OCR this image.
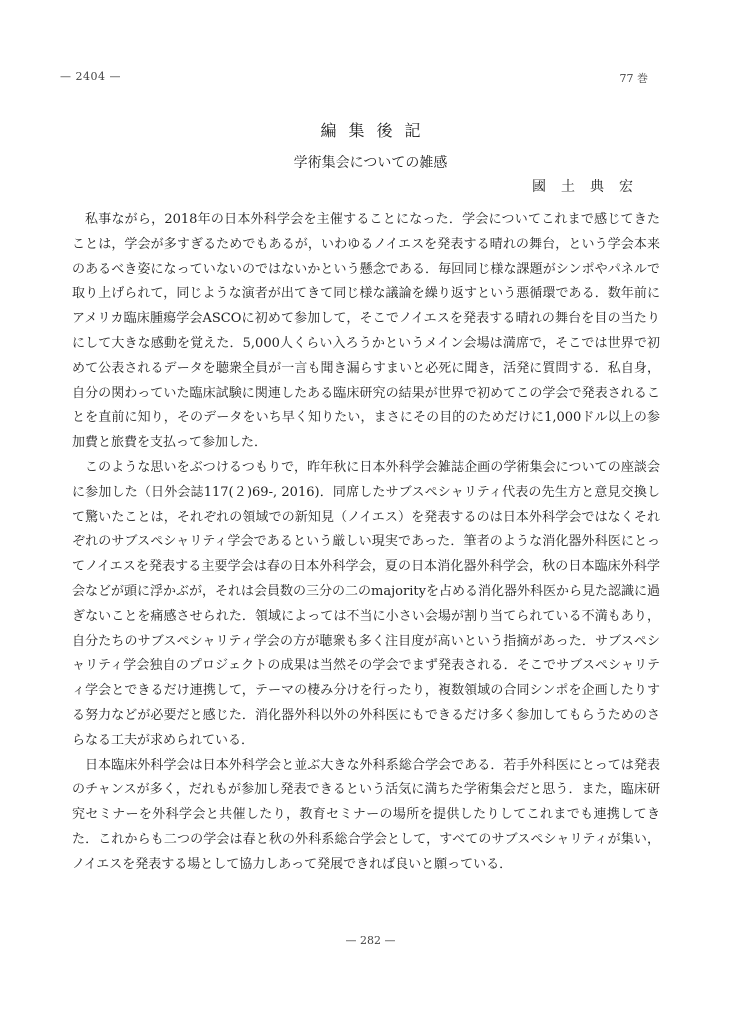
— 2404 —	77 巻
編集後記
学術集会についての雑感
國土典宏

私事ながら，2018年の日本外科学会を主催することになった．学会についてこれまで感じてきたことは，学会が多すぎるためでもあるが，いわゆるノイエスを発表する晴れの舞台，という学会本来のあるべき姿になっていないのではないかという懸念である．毎回同じ様な課題がシンポやパネルで取り上げられて，同じような演者が出てきて同じ様な議論を繰り返すという悪循環である．数年前にアメリカ臨床腫瘍学会ASCOに初めて参加して，そこでノイエスを発表する晴れの舞台を目の当たりにして大きな感動を覚えた．5,000人くらい入ろうかというメイン会場は満席で，そこでは世界で初めて公表されるデータを聴衆全員が一言も聞き漏らすまいと必死に聞き，活発に質問する．私自身，自分の関わっていた臨床試験に関連したある臨床研究の結果が世界で初めてこの学会で発表されることを直前に知り，そのデータをいち早く知りたい，まさにその目的のためだけに1,000ドル以上の参加費と旅費を支払って参加した．

このような思いをぶつけるつもりで，昨年秋に日本外科学会雑誌企画の学術集会についての座談会に参加した（日外会誌117(２)69-, 2016)．同席したサブスペシャリティ代表の先生方と意見交換して驚いたことは，それぞれの領域での新知見（ノイエス）を発表するのは日本外科学会ではなくそれぞれのサブスペシャリティ学会であるという厳しい現実であった．筆者のような消化器外科医にとってノイエスを発表する主要学会は春の日本外科学会，夏の日本消化器外科学会，秋の日本臨床外科学会などが頭に浮かぶが，それは会員数の三分の二のmajorityを占める消化器外科医から見た認識に過ぎないことを痛感させられた．領域によっては不当に小さい会場が割り当てられている不満もあり，自分たちのサブスペシャリティ学会の方が聴衆も多く注目度が高いという指摘があった．サブスペシャリティ学会独自のプロジェクトの成果は当然その学会でまず発表される．そこでサブスペシャリティ学会とできるだけ連携して，テーマの棲み分けを行ったり，複数領域の合同シンポを企画したりする努力などが必要だと感じた．消化器外科以外の外科医にもできるだけ多く参加してもらうためのさらなる工夫が求められている．

日本臨床外科学会は日本外科学会と並ぶ大きな外科系総合学会である．若手外科医にとっては発表のチャンスが多く，だれもが参加し発表できるという活気に満ちた学術集会だと思う．また，臨床研究セミナーを外科学会と共催したり，教育セミナーの場所を提供したりしてこれまでも連携してきた．これからも二つの学会は春と秋の外科系総合学会として，すべてのサブスペシャリティが集い，ノイエスを発表する場として協力しあって発展できれば良いと願っている．

— 282 —
